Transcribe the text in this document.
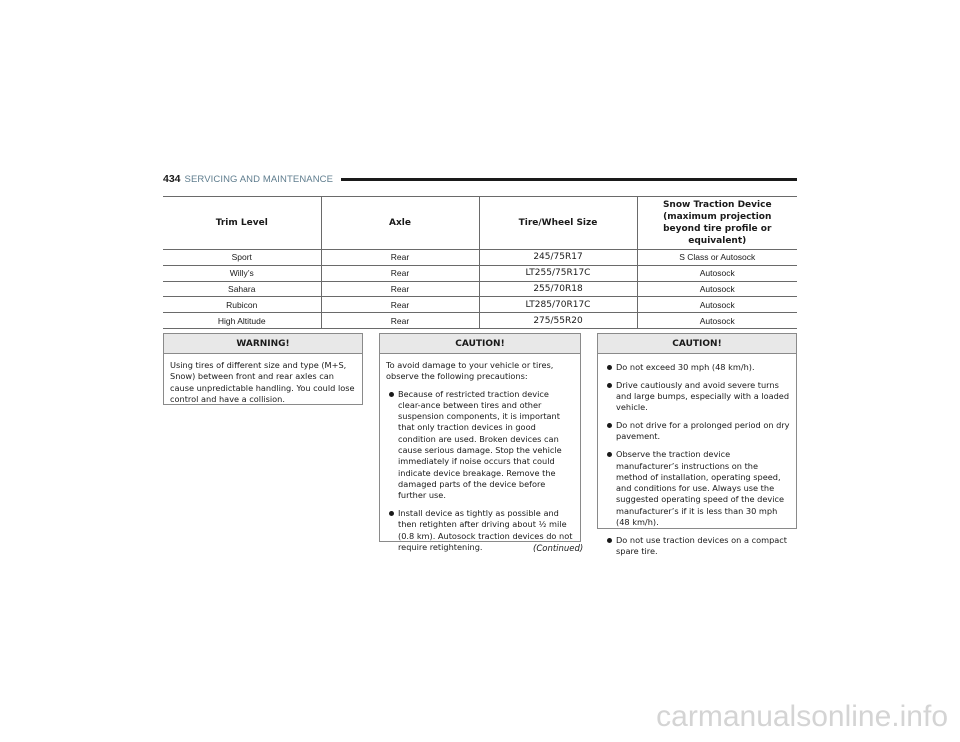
434 SERVICING AND MAINTENANCE
Trim Level	Axle	Tire/Wheel Size	Snow Traction Device (maximum projection beyond tire profile or equivalent)
Sport	Rear	245/75R17	S Class or Autosock
Willy’s	Rear	LT255/75R17C	Autosock
Sahara	Rear	255/70R18	Autosock
Rubicon	Rear	LT285/70R17C	Autosock
High Altitude	Rear	275/55R20	Autosock
WARNING!

Using tires of different size and type (M+S, Snow) between front and rear axles can cause unpredictable handling. You could lose control and have a collision.

CAUTION!

To avoid damage to your vehicle or tires, observe the following precautions:

Because of restricted traction device clear-ance between tires and other suspension components, it is important that only traction devices in good condition are used. Broken devices can cause serious damage. Stop the vehicle immediately if noise occurs that could indicate device breakage. Remove the damaged parts of the device before further use.
Install device as tightly as possible and then retighten after driving about ½ mile (0.8 km). Autosock traction devices do not require retightening.
CAUTION!
Do not exceed 30 mph (48 km/h).
Drive cautiously and avoid severe turns and large bumps, especially with a loaded vehicle.
Do not drive for a prolonged period on dry pavement.
Observe the traction device manufacturer’s instructions on the method of installation, operating speed, and conditions for use. Always use the suggested operating speed of the device manufacturer’s if it is less than 30 mph (48 km/h).
Do not use traction devices on a compact spare tire.
(Continued)
carmanualsonline.info
